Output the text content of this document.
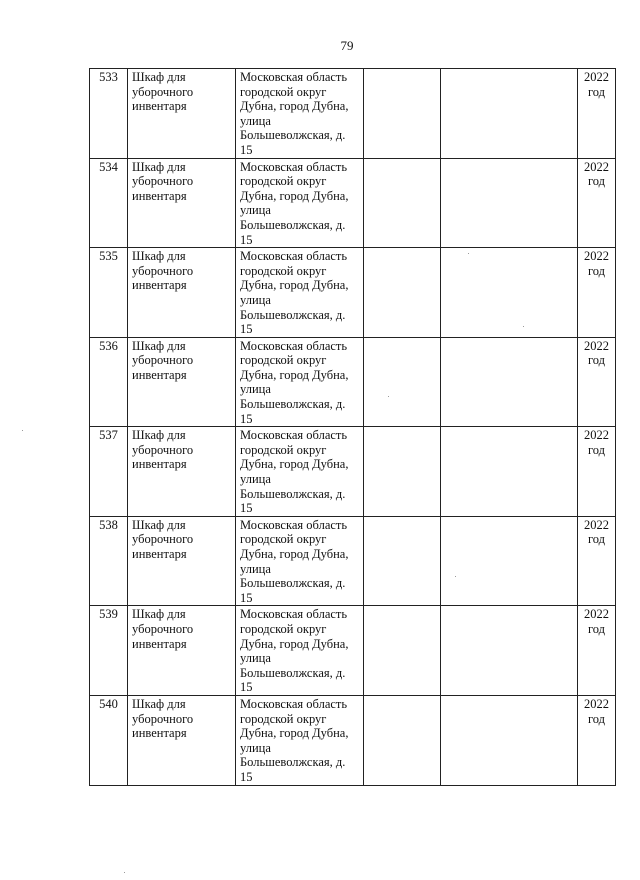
79
533	Шкаф для уборочного инвентаря	Московская область городской округ Дубна, город Дубна, улица Большеволжская, д. 15			2022
год

534	Шкаф для уборочного инвентаря	Московская область городской округ Дубна, город Дубна, улица Большеволжская, д. 15			2022
год

535	Шкаф для уборочного инвентаря	Московская область городской округ Дубна, город Дубна, улица Большеволжская, д. 15			2022
год

536	Шкаф для уборочного инвентаря	Московская область городской округ Дубна, город Дубна, улица Большеволжская, д. 15			2022
год

537	Шкаф для уборочного инвентаря	Московская область городской округ Дубна, город Дубна, улица Большеволжская, д. 15			2022
год

538	Шкаф для уборочного инвентаря	Московская область городской округ Дубна, город Дубна, улица Большеволжская, д. 15			2022
год

539	Шкаф для уборочного инвентаря	Московская область городской округ Дубна, город Дубна, улица Большеволжская, д. 15			2022
год

540	Шкаф для уборочного инвентаря	Московская область городской округ Дубна, город Дубна, улица Большеволжская, д. 15			2022
год
